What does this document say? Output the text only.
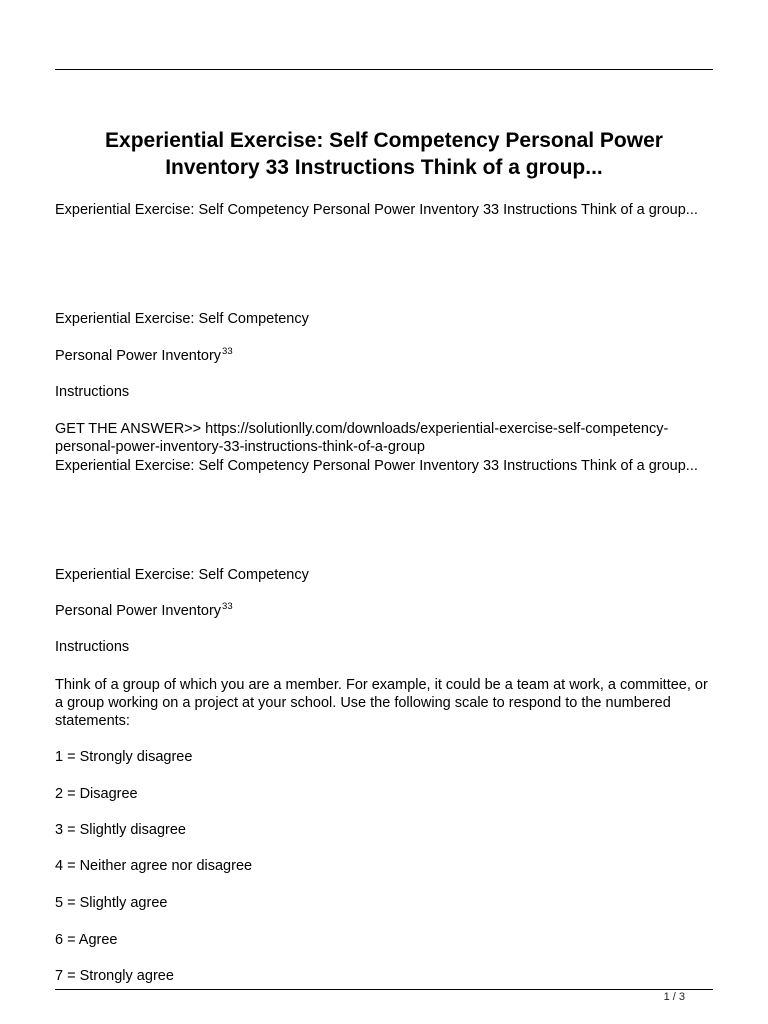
Experiential Exercise: Self Competency Personal Power Inventory 33 Instructions Think of a group...

Experiential Exercise: Self Competency Personal Power Inventory 33 Instructions Think of a group...

Experiential Exercise: Self Competency

Personal Power Inventory$^{33}$

Instructions

GET THE ANSWER>> https://solutionlly.com/downloads/experiential-exercise-self-competency-personal-power-inventory-33-instructions-think-of-a-group

Experiential Exercise: Self Competency Personal Power Inventory 33 Instructions Think of a group...

Experiential Exercise: Self Competency

Personal Power Inventory$^{33}$

Instructions

Think of a group of which you are a member. For example, it could be a team at work, a committee, or a group working on a project at your school. Use the following scale to respond to the numbered statements:

1 = Strongly disagree

2 = Disagree

3 = Slightly disagree

4 = Neither agree nor disagree

5 = Slightly agree

6 = Agree

7 = Strongly agree

1 / 3
